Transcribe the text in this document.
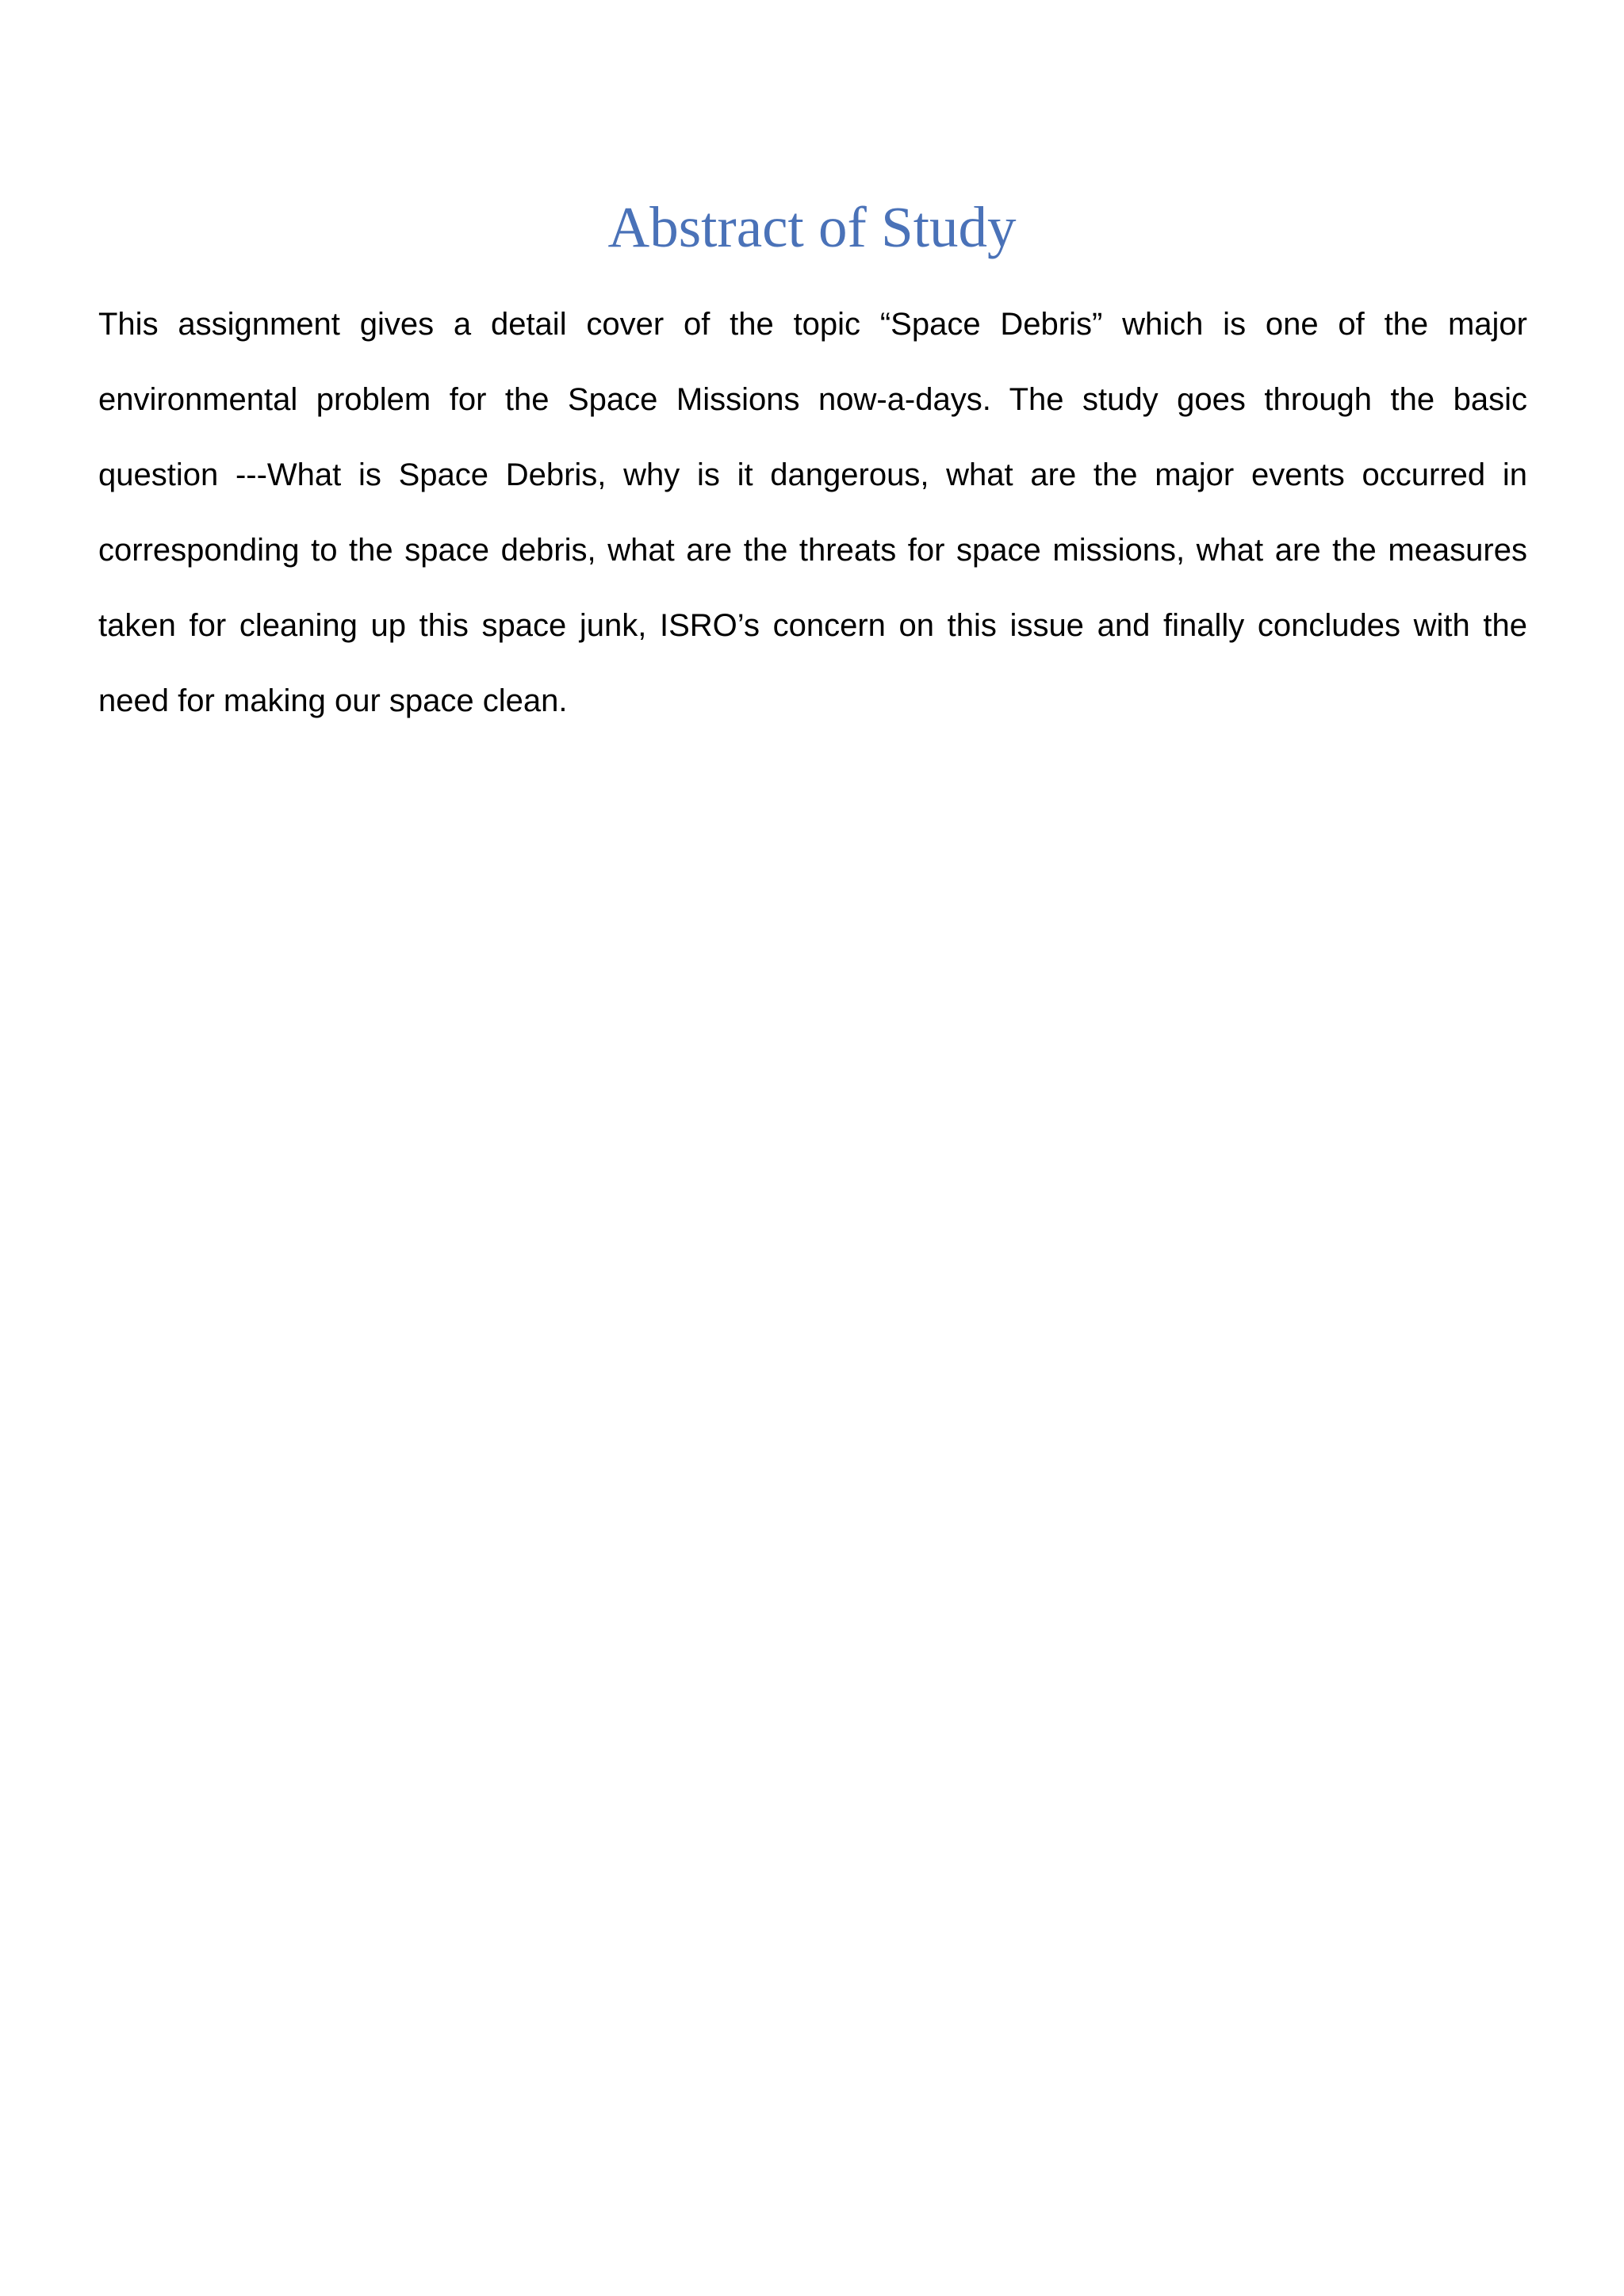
Abstract of Study

This assignment gives a detail cover of the topic “Space Debris” which is one of the major environmental problem for the Space Missions now-a-days. The study goes through the basic question ---What is Space Debris, why is it dangerous, what are the major events occurred in corresponding to the space debris, what are the threats for space missions, what are the measures taken for cleaning up this space junk, ISRO’s concern on this issue and finally concludes with the need for making our space clean.
